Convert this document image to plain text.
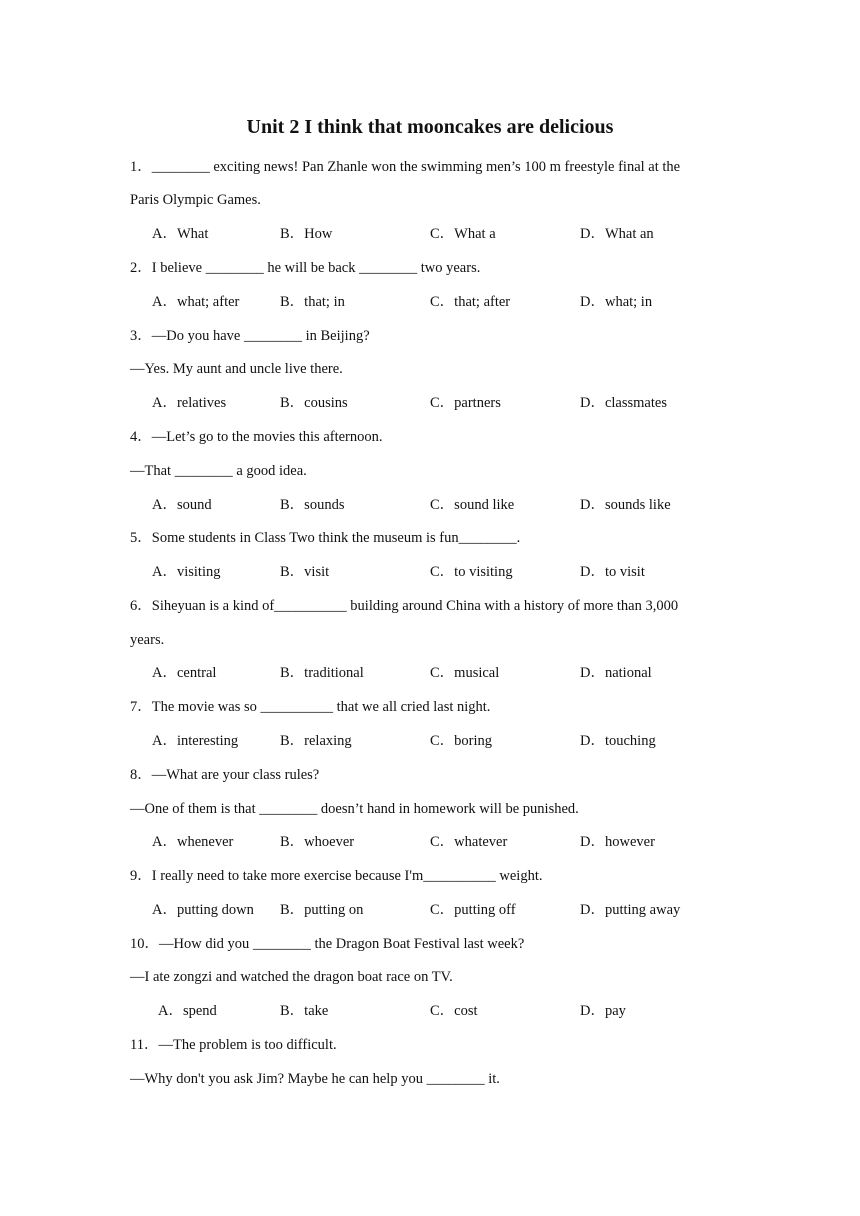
Unit 2 I think that mooncakes are delicious
1．________ exciting news! Pan Zhanle won the swimming men’s 100 m freestyle final at the
Paris Olympic Games.
A．What	B．How	C．What a	D．What an
2．I believe ________ he will be back ________ two years.
A．what; after	B．that; in	C．that; after	D．what; in
3．—Do you have ________ in Beijing?
—Yes. My aunt and uncle live there.
A．relatives	B．cousins	C．partners	D．classmates
4．—Let’s go to the movies this afternoon.
—That ________ a good idea.
A．sound	B．sounds	C．sound like	D．sounds like
5．Some students in Class Two think the museum is fun________.
A．visiting	B．visit	C．to visiting	D．to visit
6．Siheyuan is a kind of__________ building around China with a history of more than 3,000
years.
A．central	B．traditional	C．musical	D．national
7．The movie was so __________ that we all cried last night.
A．interesting	B．relaxing	C．boring	D．touching
8．—What are your class rules?
—One of them is that ________ doesn’t hand in homework will be punished.
A．whenever	B．whoever	C．whatever	D．however
9．I really need to take more exercise because I'm__________ weight.
A．putting down B．putting on	C．putting off	D．putting away
10．—How did you ________ the Dragon Boat Festival last week?
—I ate zongzi and watched the dragon boat race on TV.
A．spend	B．take	C．cost	D．pay
11．—The problem is too difficult.
—Why don't you ask Jim? Maybe he can help you ________ it.
